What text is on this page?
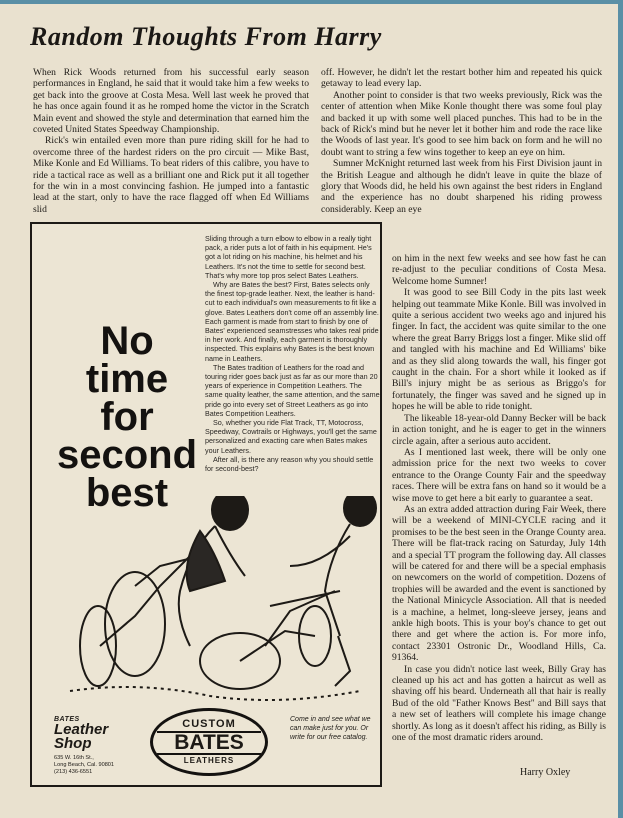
Random Thoughts From Harry

When Rick Woods returned from his successful early season performances in England, he said that it would take him a few weeks to get back into the groove at Costa Mesa. Well last week he proved that he has once again found it as he romped home the victor in the Scratch Main event and showed the style and determination that earned him the coveted United States Speedway Championship.

Rick's win entailed even more than pure riding skill for he had to overcome three of the hardest riders on the pro circuit — Mike Bast, Mike Konle and Ed Williams. To beat riders of this calibre, you have to ride a tactical race as well as a brilliant one and Rick put it all together for the win in a most convincing fashion. He jumped into a fantastic lead at the start, only to have the race flagged off when Ed Williams slid

off. However, he didn't let the restart bother him and repeated his quick getaway to lead every lap.

Another point to consider is that two weeks previously, Rick was the center of attention when Mike Konle thought there was some foul play and backed it up with some well placed punches. This had to be in the back of Rick's mind but he never let it bother him and rode the race like the Woods of last year. It's good to see him back on form and he will no doubt want to string a few wins together to keep an eye on him.

Sumner McKnight returned last week from his First Division jaunt in the British League and although he didn't leave in quite the blaze of glory that Woods did, he held his own against the best riders in England and the experience has no doubt sharpened his riding prowess considerably. Keep an eye

on him in the next few weeks and see how fast he can re-adjust to the peculiar conditions of Costa Mesa. Welcome home Sumner!

It was good to see Bill Cody in the pits last week helping out teammate Mike Konle. Bill was involved in quite a serious accident two weeks ago and injured his finger. In fact, the accident was quite similar to the one where the great Barry Briggs lost a finger. Mike slid off and tangled with his machine and Ed Williams' bike and as they slid along towards the wall, his finger got caught in the chain. For a short while it looked as if Bill's injury might be as serious as Briggo's for fortunately, the finger was saved and he signed up in hopes he will be able to ride tonight.

The likeable 18-year-old Danny Becker will be back in action tonight, and he is eager to get in the winners circle again, after a serious auto accident.

As I mentioned last week, there will be only one admission price for the next two weeks to cover entrance to the Orange County Fair and the speedway races. There will be extra fans on hand so it would be a wise move to get here a bit early to guarantee a seat.

As an extra added attraction during Fair Week, there will be a weekend of MINI-CYCLE racing and it promises to be the best seen in the Orange County area. There will be flat-track racing on Saturday, July 14th and a special TT program the following day. All classes will be catered for and there will be a special emphasis on newcomers on the world of competition. Dozens of trophies will be awarded and the event is sanctioned by the National Minicycle Association. All that is needed is a machine, a helmet, long-sleeve jersey, jeans and ankle high boots. This is your boy's chance to get out there and get where the action is. For more info, contact 23301 Ostronic Dr., Woodland Hills, Ca. 91364.

In case you didn't notice last week, Billy Gray has cleaned up his act and has gotten a haircut as well as shaving off his beard. Underneath all that hair is really Bud of the old "Father Knows Best" and Bill says that a new set of leathers will complete his image change shortly. As long as it doesn't affect his riding, as Billy is one of the most dramatic riders around.

Harry Oxley

Sliding through a turn elbow to elbow in a really tight pack, a rider puts a lot of faith in his equipment. He's got a lot riding on his machine, his helmet and his Leathers. It's not the time to settle for second best. That's why more top pros select Bates Leathers.

Why are Bates the best? First, Bates selects only the finest top-grade leather. Next, the leather is hand-cut to each individual's own measurements to fit like a glove. Bates Leathers don't come off an assembly line. Each garment is made from start to finish by one of Bates' experienced seamstresses who takes real pride in her work. And finally, each garment is thoroughly inspected. This explains why Bates is the best known name in Leathers.

The Bates tradition of Leathers for the road and touring rider goes back just as far as our more than 20 years of experience in Competition Leathers. The same quality leather, the same attention, and the same pride go into every set of Street Leathers as go into Bates Competition Leathers.

So, whether you ride Flat Track, TT, Motocross, Speedway, Cowtrails or Highways, you'll get the same personalized and exacting care when Bates makes your Leathers.

After all, is there any reason why you should settle for second-best?

No
time
for
second
best
BATES
Leather
Shop
635 W. 16th St.,
Long Beach, Cal. 90801
(213) 436-6551
CUSTOM
BATES
LEATHERS
Come in and see what we can make just for you. Or write for our free catalog.
